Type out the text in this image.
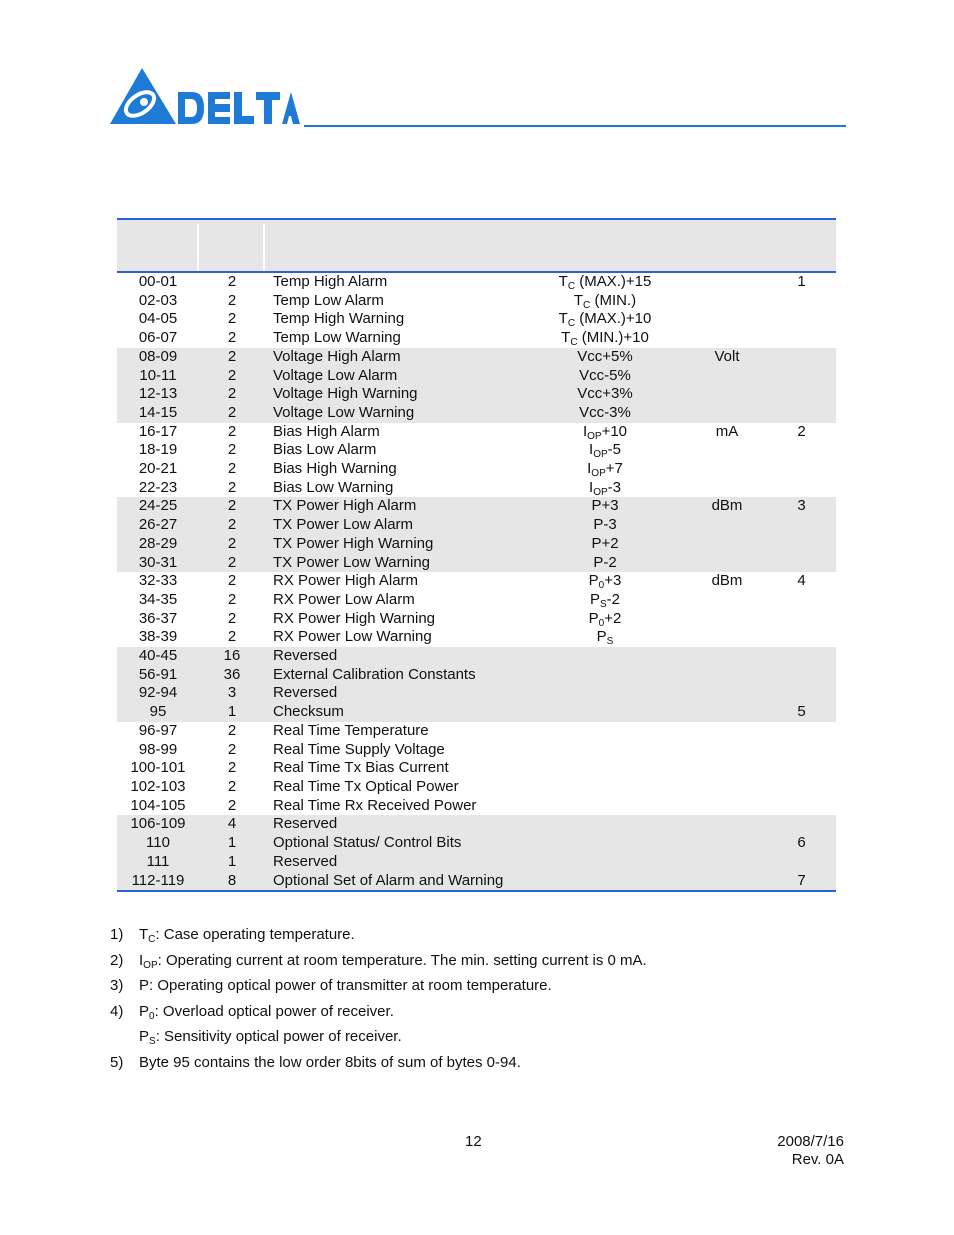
00-01	2	Temp High Alarm	$T_C$ (MAX.)+15		1
02-03	2	Temp Low Alarm	$T_C$ (MIN.)		
04-05	2	Temp High Warning	$T_C$ (MAX.)+10		
06-07	2	Temp Low Warning	$T_C$ (MIN.)+10		
08-09	2	Voltage High Alarm	Vcc+5%	Volt	
10-11	2	Voltage Low Alarm	Vcc-5%		
12-13	2	Voltage High Warning	Vcc+3%		
14-15	2	Voltage Low Warning	Vcc-3%		
16-17	2	Bias High Alarm	$I_{OP}+10$	mA	2
18-19	2	Bias Low Alarm	$I_{OP}-5$		
20-21	2	Bias High Warning	$I_{OP}+7$		
22-23	2	Bias Low Warning	$I_{OP}-3$		
24-25	2	TX Power High Alarm	P+3	dBm	3
26-27	2	TX Power Low Alarm	P-3		
28-29	2	TX Power High Warning	P+2		
30-31	2	TX Power Low Warning	P-2		
32-33	2	RX Power High Alarm	$P_0+3$	dBm	4
34-35	2	RX Power Low Alarm	$P_S-2$		
36-37	2	RX Power High Warning	$P_0+2$		
38-39	2	RX Power Low Warning	$P_S$		
40-45	16	Reversed			
56-91	36	External Calibration Constants			
92-94	3	Reversed			
95	1	Checksum			5
96-97	2	Real Time Temperature			
98-99	2	Real Time Supply Voltage			
100-101	2	Real Time Tx Bias Current			
102-103	2	Real Time Tx Optical Power			
104-105	2	Real Time Rx Received Power			
106-109	4	Reserved			
110	1	Optional Status/ Control Bits			6
111	1	Reserved			
112-119	8	Optional Set of Alarm and Warning			7
1) $T_C$: Case operating temperature.
2) $I_{OP}$: Operating current at room temperature. The min. setting current is 0 mA.
3) P: Operating optical power of transmitter at room temperature.
4) $P_0$: Overload optical power of receiver.
$P_S$: Sensitivity optical power of receiver.
5) Byte 95 contains the low order 8bits of sum of bytes 0-94.
12	2008/7/16
Rev. 0A
